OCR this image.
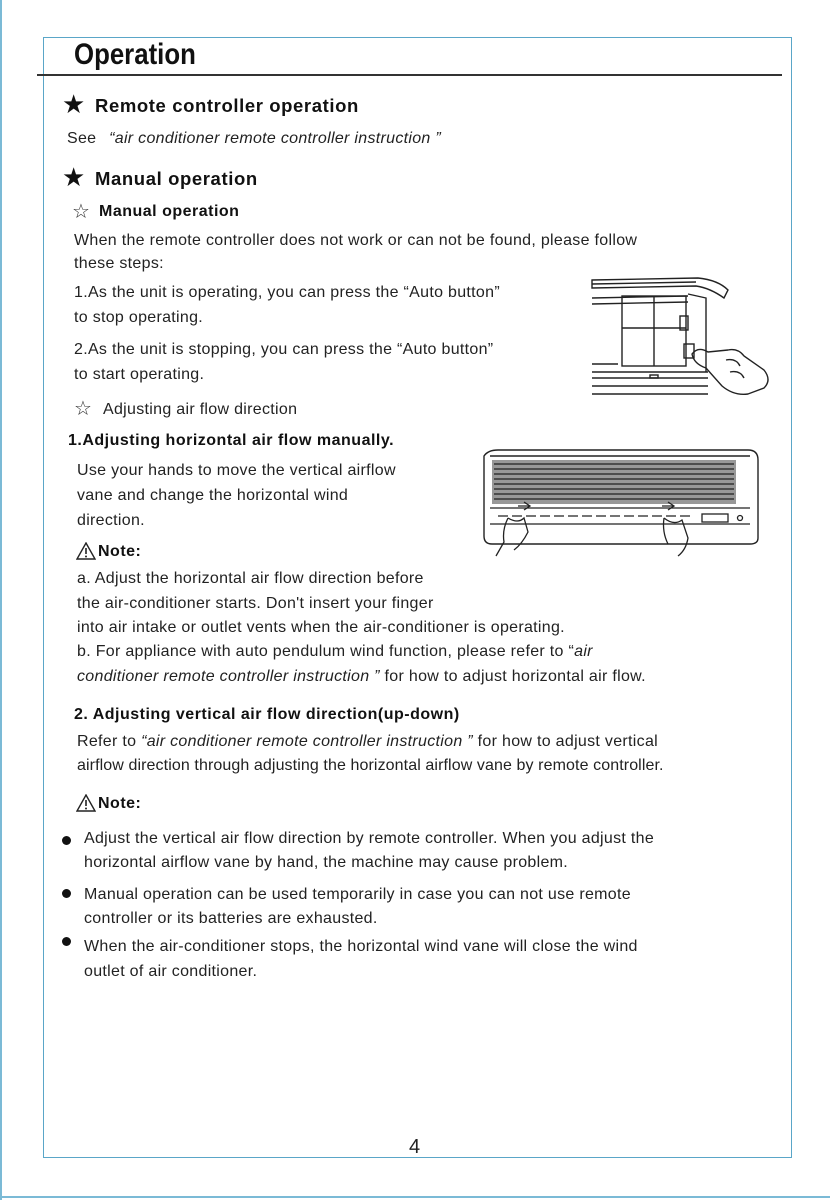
Operation
★ Remote controller operation
See “air conditioner remote controller instruction ”
★ Manual operation
☆ Manual operation
When the remote controller does not work or can not be found, please follow
these steps:
1.As the unit is operating, you can press the “Auto button”
to stop operating.
2.As the unit is stopping, you can press the “Auto button”
to start operating.
☆ Adjusting air flow direction
1.Adjusting horizontal air flow manually.
Use your hands to move the vertical airflow
vane and change the horizontal wind
direction.
Note:
a. Adjust the horizontal air flow direction before
the air-conditioner starts. Don't insert your finger
into air intake or outlet vents when the air-conditioner is operating.
b. For appliance with auto pendulum wind function, please refer to “air
conditioner remote controller instruction ” for how to adjust horizontal air flow.
2. Adjusting vertical air flow direction(up-down)
Refer to “air conditioner remote controller instruction ” for how to adjust vertical
airflow direction through adjusting the horizontal airflow vane by remote controller.
Note:
Adjust the vertical air flow direction by remote controller. When you adjust the
horizontal airflow vane by hand, the machine may cause problem.
Manual operation can be used temporarily in case you can not use remote
controller or its batteries are exhausted.
When the air-conditioner stops, the horizontal wind vane will close the wind
outlet of air conditioner.
4
